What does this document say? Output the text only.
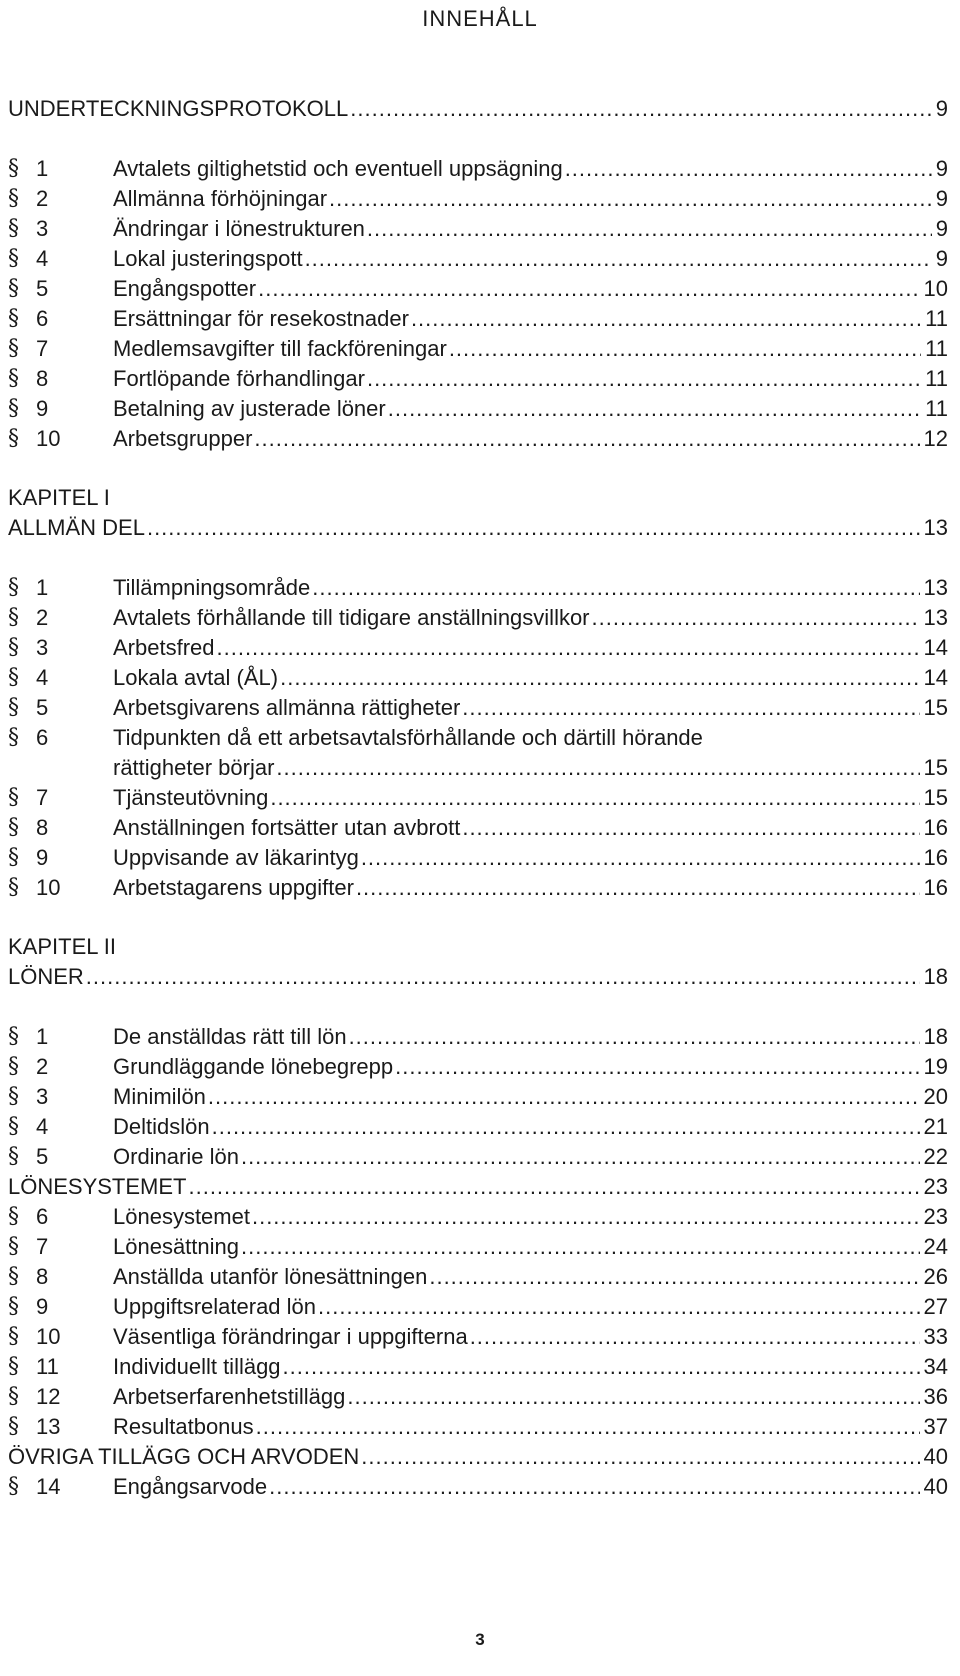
INNEHÅLL
UNDERTECKNINGSPROTOKOLL .....	9
§ 1	Avtalets giltighetstid och eventuell uppsägning .....	9
§ 2	Allmänna förhöjningar .....	9
§ 3	Ändringar i lönestrukturen .....	9
§ 4	Lokal justeringspott .....	9
§ 5	Engångspotter .....	10
§ 6	Ersättningar för resekostnader .....	11
§ 7	Medlemsavgifter till fackföreningar .....	11
§ 8	Fortlöpande förhandlingar .....	11
§ 9	Betalning av justerade löner .....	11
§ 10 Arbetsgrupper .....	12
KAPITEL I
ALLMÄN DEL .....	13
§ 1	Tillämpningsområde .....	13
§ 2	Avtalets förhållande till tidigare anställningsvillkor .....	13
§ 3	Arbetsfred .....	14
§ 4	Lokala avtal (ÅL) .....	14
§ 5	Arbetsgivarens allmänna rättigheter .....	15
§ 6	Tidpunkten då ett arbetsavtalsförhållande och därtill hörande
rättigheter börjar .....	15
§ 7	Tjänsteutövning .....	15
§ 8	Anställningen fortsätter utan avbrott .....	16
§ 9	Uppvisande av läkarintyg .....	16
§ 10 Arbetstagarens uppgifter .....	16
KAPITEL II
LÖNER .....	18
§ 1	De anställdas rätt till lön .....	18
§ 2	Grundläggande lönebegrepp .....	19
§ 3	Minimilön .....	20
§ 4	Deltidslön .....	21
§ 5	Ordinarie lön .....	22
LÖNESYSTEMET .....	23
§ 6	Lönesystemet .....	23
§ 7	Lönesättning .....	24
§ 8	Anställda utanför lönesättningen .....	26
§ 9	Uppgiftsrelaterad lön .....	27
§ 10 Väsentliga förändringar i uppgifterna .....	33
§ 11 Individuellt tillägg .....	34
§ 12 Arbetserfarenhetstillägg .....	36
§ 13 Resultatbonus .....	37
ÖVRIGA TILLÄGG OCH ARVODEN .....	40
§ 14 Engångsarvode .....	40
3
